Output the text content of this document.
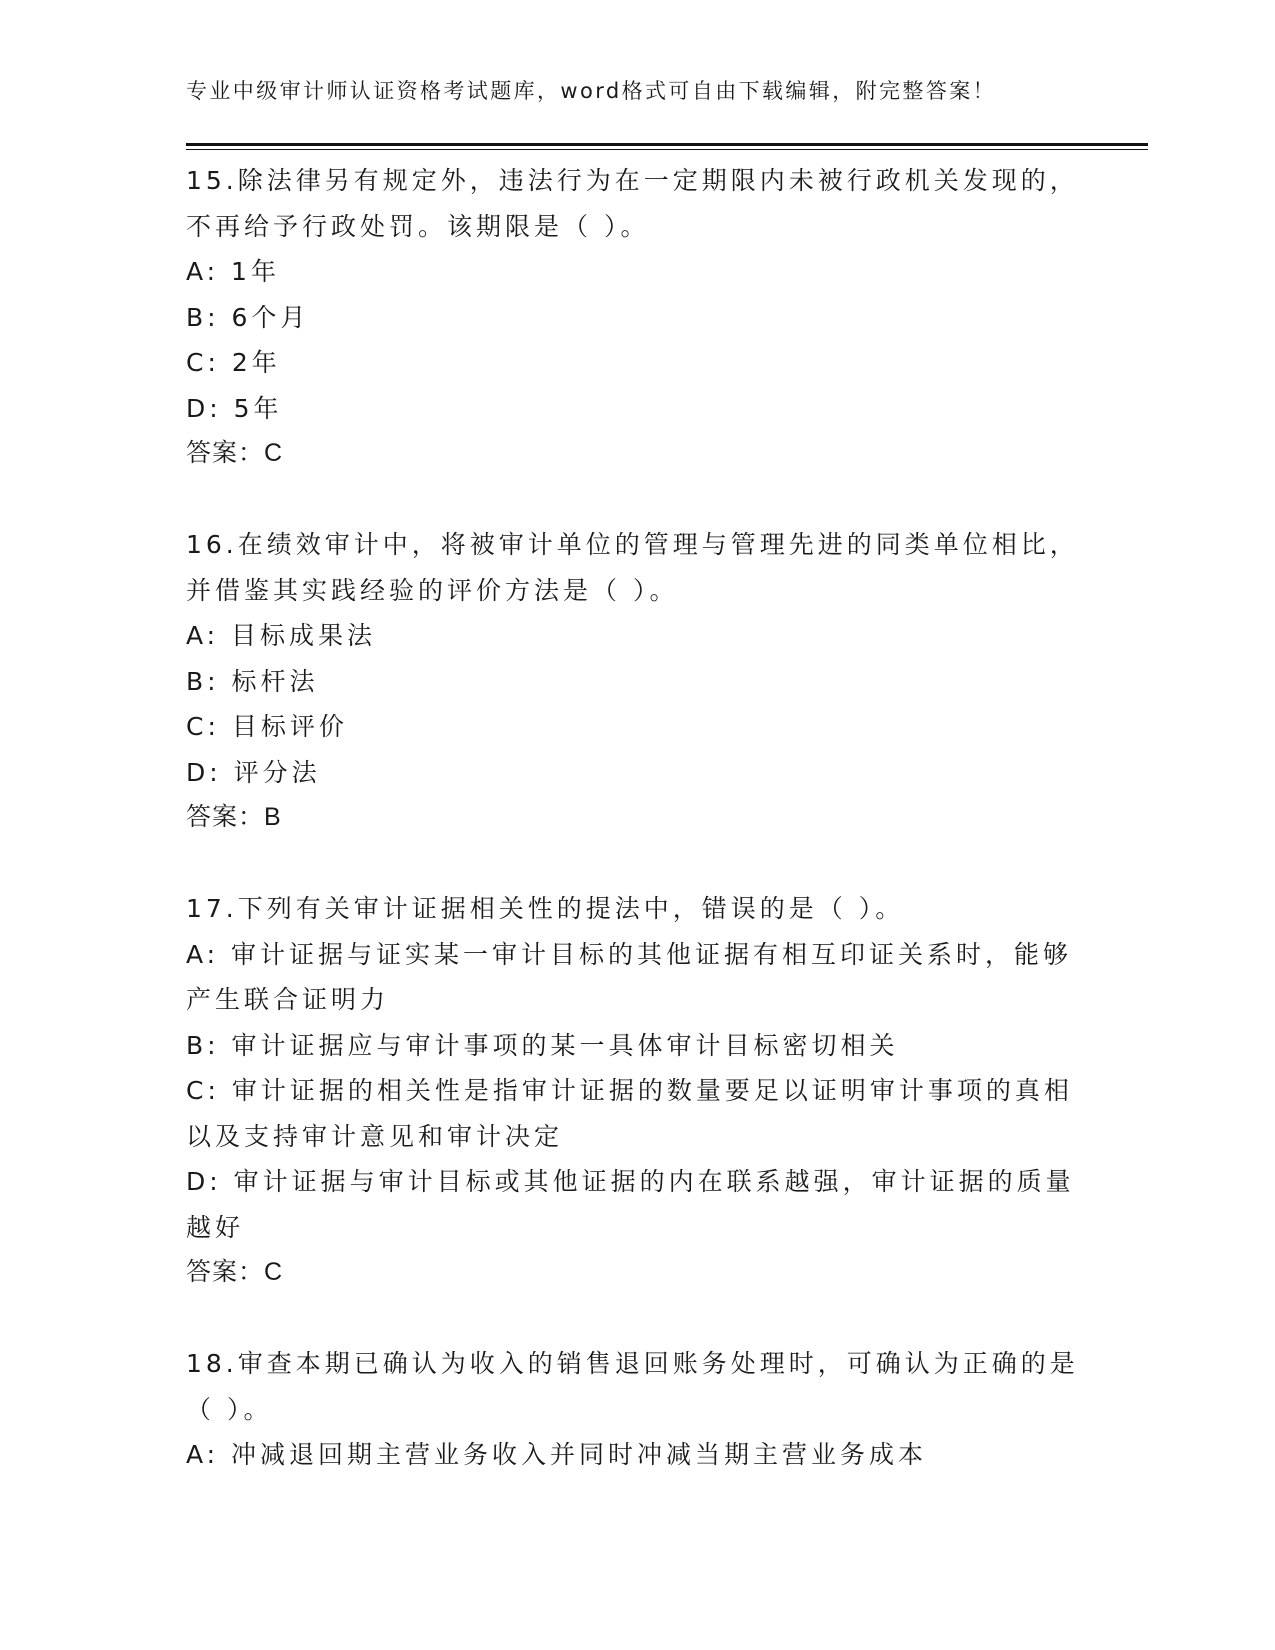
专业中级审计师认证资格考试题库，word格式可自由下载编辑，附完整答案！
15.除法律另有规定外，违法行为在一定期限内未被行政机关发现的，
不再给予行政处罚。该期限是（ ）。
A: 1年
B: 6个月
C: 2年
D: 5年
答案：C
16.在绩效审计中，将被审计单位的管理与管理先进的同类单位相比，
并借鉴其实践经验的评价方法是（ ）。
A: 目标成果法
B: 标杆法
C: 目标评价
D: 评分法
答案：B
17.下列有关审计证据相关性的提法中，错误的是（ ）。
A: 审计证据与证实某一审计目标的其他证据有相互印证关系时，能够
产生联合证明力
B: 审计证据应与审计事项的某一具体审计目标密切相关
C: 审计证据的相关性是指审计证据的数量要足以证明审计事项的真相
以及支持审计意见和审计决定
D: 审计证据与审计目标或其他证据的内在联系越强，审计证据的质量
越好
答案：C
18.审查本期已确认为收入的销售退回账务处理时，可确认为正确的是
（ ）。
A: 冲减退回期主营业务收入并同时冲减当期主营业务成本
